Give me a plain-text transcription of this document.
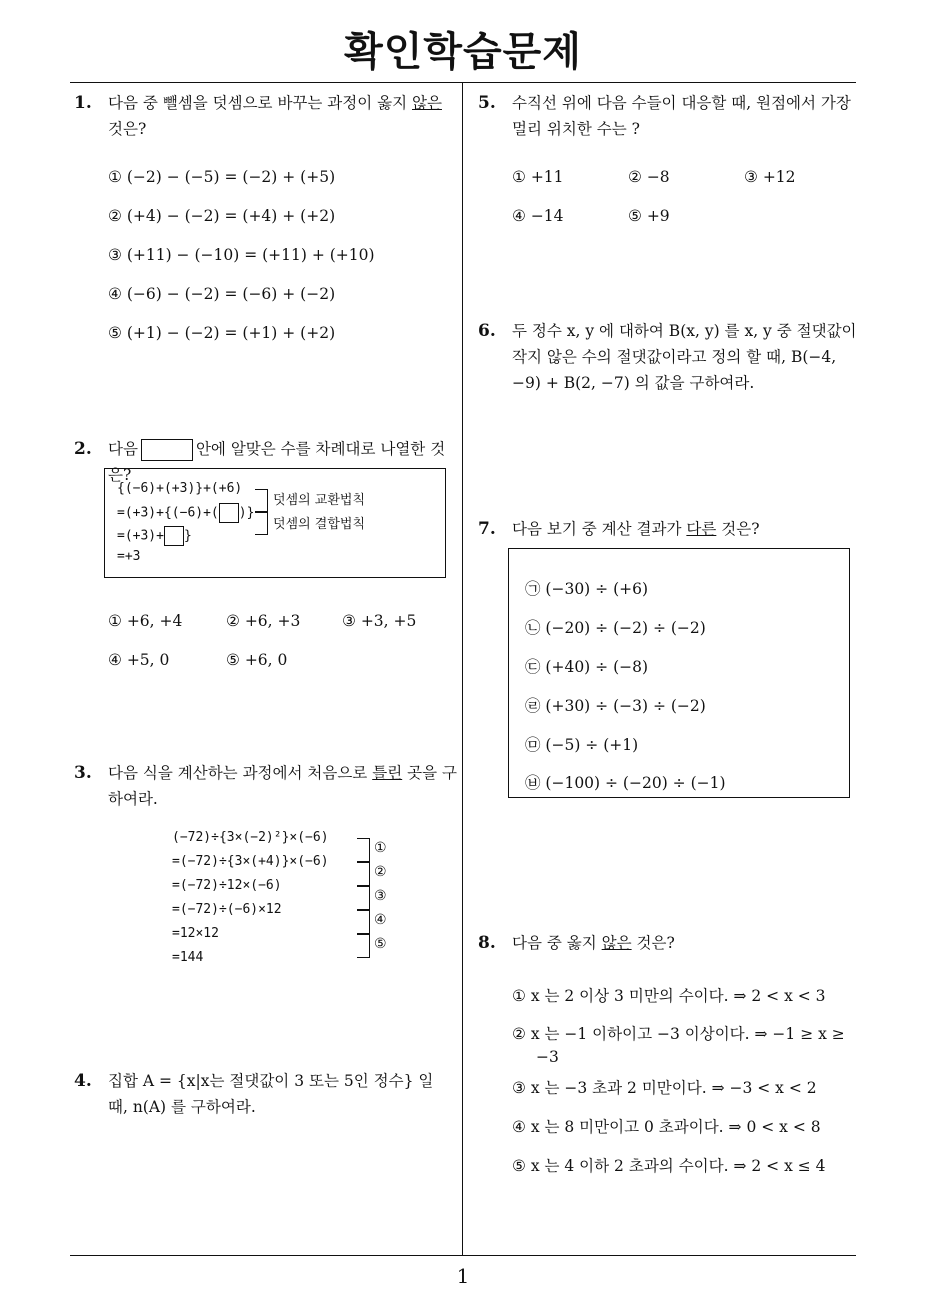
확인학습문제
1
1. 다음 중 뺄셈을 덧셈으로 바꾸는 과정이 옳지 않은 것은?
① (−2) − (−5) = (−2) + (+5)
② (+4) − (−2) = (+4) + (+2)
③ (+11) − (−10) = (+11) + (+10)
④ (−6) − (−2) = (−6) + (−2)
⑤ (+1) − (−2) = (+1) + (+2)
2. 다음	안에 알맞은 수를 차례대로 나열한 것은?
{(−6)+(+3)}+(+6)
=(+3)+{(−6)+( )}
=(+3)+ }
=+3
덧셈의 교환법칙
덧셈의 결합법칙
① +6, +4	② +6, +3	③ +3, +5
④ +5, 0	⑤ +6, 0
3. 다음 식을 계산하는 과정에서 처음으로 틀린 곳을 구하여라.
(−72)÷{3×(−2)²}×(−6)
=(−72)÷{3×(+4)}×(−6)
=(−72)÷12×(−6)
=(−72)÷(−6)×12
=12×12
=144
①
②
③
④
⑤
4. 집합 A = {x|x는 절댓값이 3 또는 5인 정수} 일 때, n(A) 를 구하여라.
5. 수직선 위에 다음 수들이 대응할 때, 원점에서 가장 멀리 위치한 수는 ?
① +11	② −8	③ +12
④ −14	⑤ +9
6. 두 정수 x, y 에 대하여 B(x, y) 를 x, y 중 절댓값이 작지 않은 수의 절댓값이라고 정의 할 때, B(−4, −9) + B(2, −7) 의 값을 구하여라.
7. 다음 보기 중 계산 결과가 다른 것은?
㉠ (−30) ÷ (+6)
㉡ (−20) ÷ (−2) ÷ (−2)
㉢ (+40) ÷ (−8)
㉣ (+30) ÷ (−3) ÷ (−2)
㉤ (−5) ÷ (+1)
㉥ (−100) ÷ (−20) ÷ (−1)
8. 다음 중 옳지 않은 것은?
① x 는 2 이상 3 미만의 수이다. ⇒ 2 < x < 3
② x 는 −1 이하이고 −3 이상이다. ⇒ −1 ≥ x ≥
−3
③ x 는 −3 초과 2 미만이다. ⇒ −3 < x < 2
④ x 는 8 미만이고 0 초과이다. ⇒ 0 < x < 8
⑤ x 는 4 이하 2 초과의 수이다. ⇒ 2 < x ≤ 4
